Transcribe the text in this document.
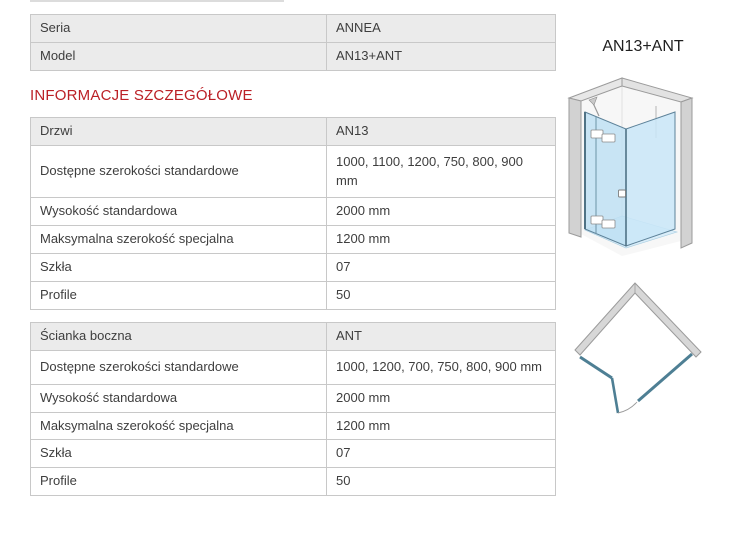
Seria	ANNEA
Model	AN13+ANT
INFORMACJE SZCZEGÓŁOWE
Drzwi	AN13
Dostępne szerokości standardowe	1000, 1100, 1200, 750, 800, 900 mm
Wysokość standardowa	2000 mm
Maksymalna szerokość specjalna	1200 mm
Szkła	07
Profile	50
Ścianka boczna	ANT
Dostępne szerokości standardowe	1000, 1200, 700, 750, 800, 900 mm
Wysokość standardowa	2000 mm
Maksymalna szerokość specjalna	1200 mm
Szkła	07
Profile	50
AN13+ANT
